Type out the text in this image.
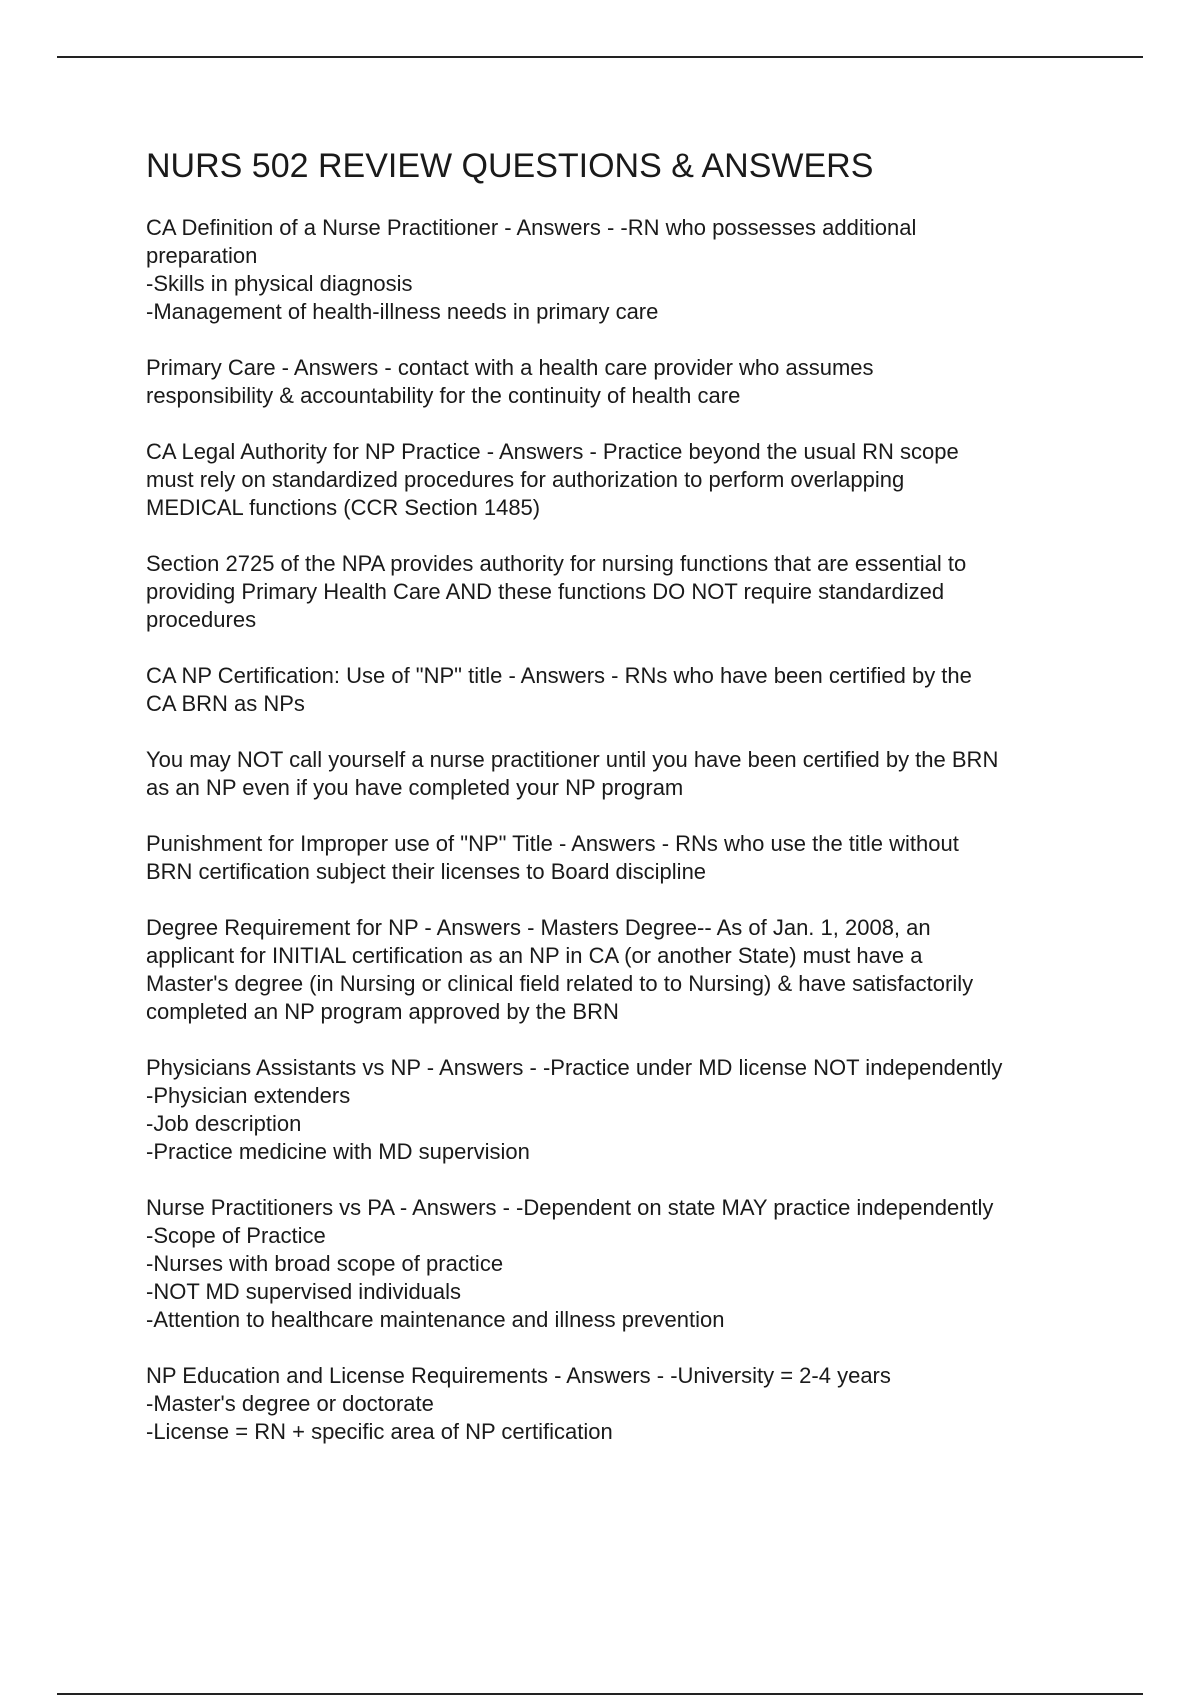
NURS 502 REVIEW QUESTIONS & ANSWERS

CA Definition of a Nurse Practitioner - Answers - -RN who possesses additional
preparation
-Skills in physical diagnosis
-Management of health-illness needs in primary care

Primary Care - Answers - contact with a health care provider who assumes
responsibility & accountability for the continuity of health care

CA Legal Authority for NP Practice - Answers - Practice beyond the usual RN scope
must rely on standardized procedures for authorization to perform overlapping
MEDICAL functions (CCR Section 1485)

Section 2725 of the NPA provides authority for nursing functions that are essential to
providing Primary Health Care AND these functions DO NOT require standardized
procedures

CA NP Certification: Use of "NP" title - Answers - RNs who have been certified by the
CA BRN as NPs

You may NOT call yourself a nurse practitioner until you have been certified by the BRN
as an NP even if you have completed your NP program

Punishment for Improper use of "NP" Title - Answers - RNs who use the title without
BRN certification subject their licenses to Board discipline

Degree Requirement for NP - Answers - Masters Degree-- As of Jan. 1, 2008, an
applicant for INITIAL certification as an NP in CA (or another State) must have a
Master's degree (in Nursing or clinical field related to to Nursing) & have satisfactorily
completed an NP program approved by the BRN

Physicians Assistants vs NP - Answers - -Practice under MD license NOT independently
-Physician extenders
-Job description
-Practice medicine with MD supervision

Nurse Practitioners vs PA - Answers - -Dependent on state MAY practice independently
-Scope of Practice
-Nurses with broad scope of practice
-NOT MD supervised individuals
-Attention to healthcare maintenance and illness prevention

NP Education and License Requirements - Answers - -University = 2-4 years
-Master's degree or doctorate
-License = RN + specific area of NP certification
